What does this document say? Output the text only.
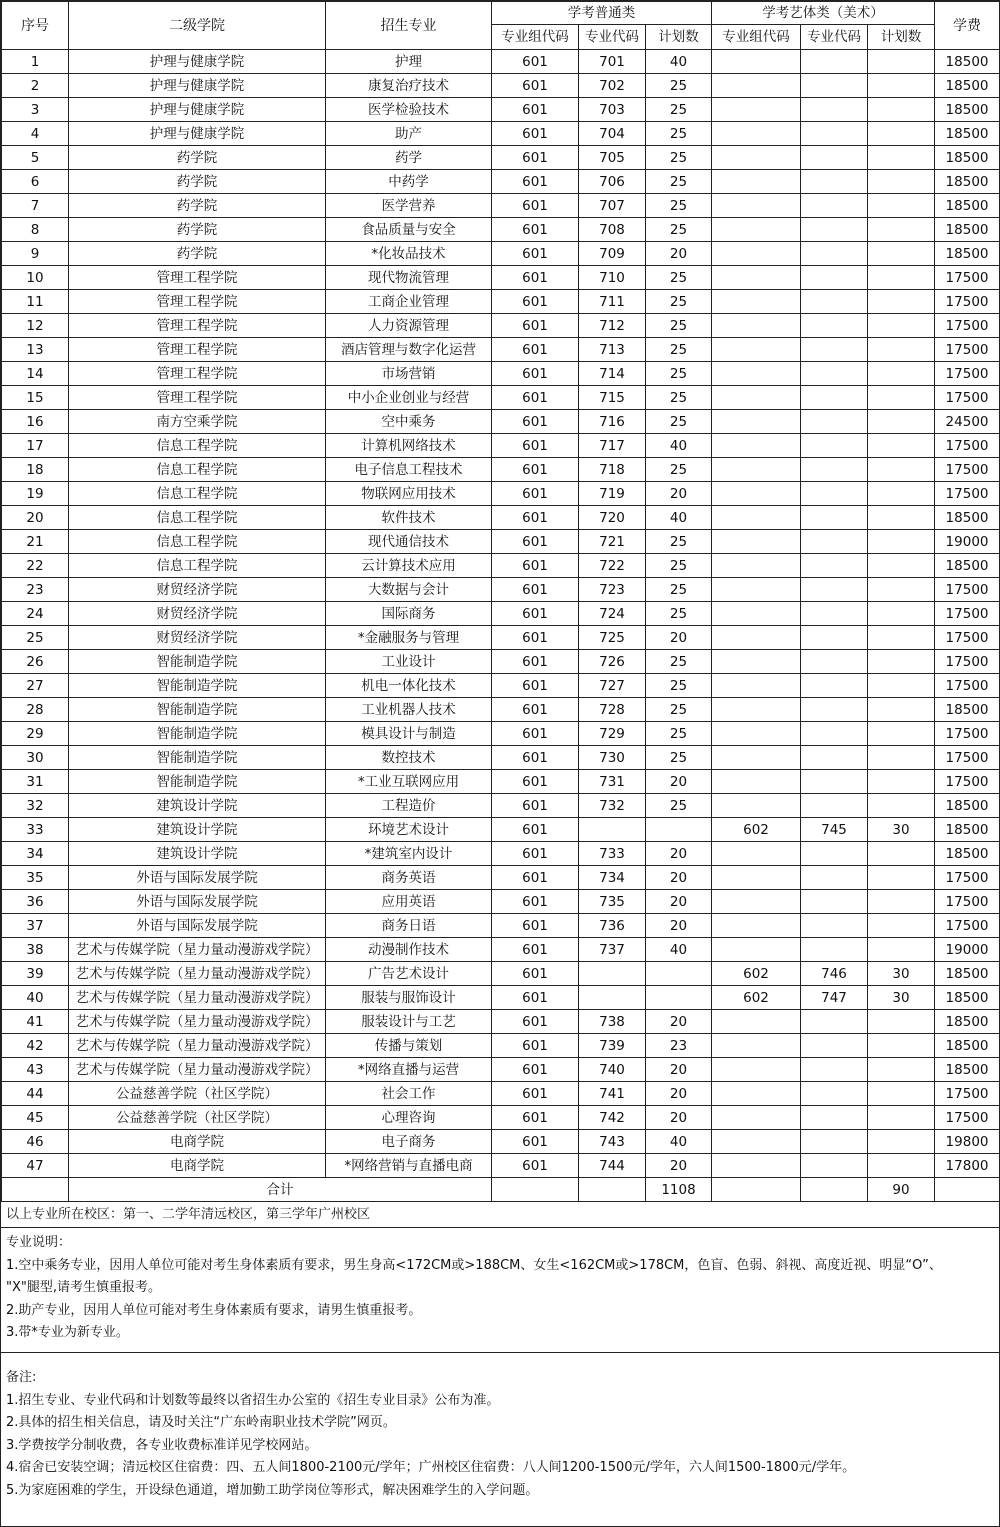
序号	二级学院	招生专业	学考普通类			学考艺体类（美术）			学费
			专业组代码	专业代码	计划数	专业组代码	专业代码	计划数	
1	护理与健康学院	护理	601	701	40				18500
2	护理与健康学院	康复治疗技术	601	702	25				18500
3	护理与健康学院	医学检验技术	601	703	25				18500
4	护理与健康学院	助产	601	704	25				18500
5	药学院	药学	601	705	25				18500
6	药学院	中药学	601	706	25				18500
7	药学院	医学营养	601	707	25				18500
8	药学院	食品质量与安全	601	708	25				18500
9	药学院	*化妆品技术	601	709	20				18500
10	管理工程学院	现代物流管理	601	710	25				17500
11	管理工程学院	工商企业管理	601	711	25				17500
12	管理工程学院	人力资源管理	601	712	25				17500
13	管理工程学院	酒店管理与数字化运营	601	713	25				17500
14	管理工程学院	市场营销	601	714	25				17500
15	管理工程学院	中小企业创业与经营	601	715	25				17500
16	南方空乘学院	空中乘务	601	716	25				24500
17	信息工程学院	计算机网络技术	601	717	40				17500
18	信息工程学院	电子信息工程技术	601	718	25				17500
19	信息工程学院	物联网应用技术	601	719	20				17500
20	信息工程学院	软件技术	601	720	40				18500
21	信息工程学院	现代通信技术	601	721	25				19000
22	信息工程学院	云计算技术应用	601	722	25				18500
23	财贸经济学院	大数据与会计	601	723	25				17500
24	财贸经济学院	国际商务	601	724	25				17500
25	财贸经济学院	*金融服务与管理	601	725	20				17500
26	智能制造学院	工业设计	601	726	25				17500
27	智能制造学院	机电一体化技术	601	727	25				17500
28	智能制造学院	工业机器人技术	601	728	25				18500
29	智能制造学院	模具设计与制造	601	729	25				17500
30	智能制造学院	数控技术	601	730	25				17500
31	智能制造学院	*工业互联网应用	601	731	20				17500
32	建筑设计学院	工程造价	601	732	25				18500
33	建筑设计学院	环境艺术设计	601			602	745	30	18500
34	建筑设计学院	*建筑室内设计	601	733	20				18500
35	外语与国际发展学院	商务英语	601	734	20				17500
36	外语与国际发展学院	应用英语	601	735	20				17500
37	外语与国际发展学院	商务日语	601	736	20				17500
38	艺术与传媒学院（星力量动漫游戏学院）	动漫制作技术	601	737	40				19000
39	艺术与传媒学院（星力量动漫游戏学院）	广告艺术设计	601			602	746	30	18500
40	艺术与传媒学院（星力量动漫游戏学院）	服装与服饰设计	601			602	747	30	18500
41	艺术与传媒学院（星力量动漫游戏学院）	服装设计与工艺	601	738	20				18500
42	艺术与传媒学院（星力量动漫游戏学院）	传播与策划	601	739	23				18500
43	艺术与传媒学院（星力量动漫游戏学院）	*网络直播与运营	601	740	20				18500
44	公益慈善学院（社区学院）	社会工作	601	741	20				17500
45	公益慈善学院（社区学院）	心理咨询	601	742	20				17500
46	电商学院	电子商务	601	743	40				19800
47	电商学院	*网络营销与直播电商	601	744	20				17800
	合计				1108			90	
以上专业所在校区：第一、二学年清远校区，第三学年广州校区

专业说明：

1.空中乘务专业，因用人单位可能对考生身体素质有要求，男生身高<172CM或>188CM、女生<162CM或>178CM，色盲、色弱、斜视、高度近视、明显“O”、

"X"腿型,请考生慎重报考。

2.助产专业，因用人单位可能对考生身体素质有要求，请男生慎重报考。

3.带*专业为新专业。

备注:

1.招生专业、专业代码和计划数等最终以省招生办公室的《招生专业目录》公布为准。

2.具体的招生相关信息，请及时关注“广东岭南职业技术学院”网页。

3.学费按学分制收费，各专业收费标准详见学校网站。

4.宿舍已安装空调；清远校区住宿费：四、五人间1800-2100元/学年；广州校区住宿费：八人间1200-1500元/学年，六人间1500-1800元/学年。

5.为家庭困难的学生，开设绿色通道，增加勤工助学岗位等形式，解决困难学生的入学问题。
